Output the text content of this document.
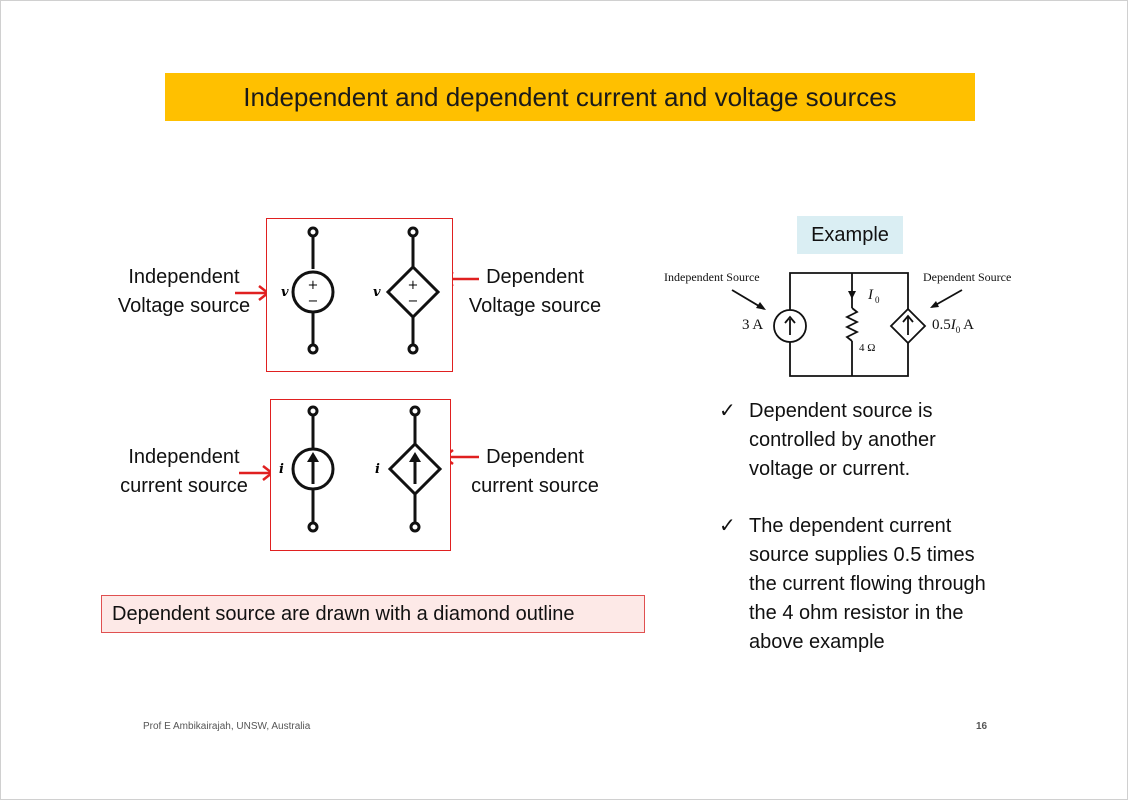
Independent and dependent current and voltage sources
Independent
Voltage source
Dependent
Voltage source
+
−
+
−
v	v
Independent
current source
Dependent
current source
i	i
Dependent source are drawn with a diamond outline
Example
Independent Source	Dependent Source
3 A
4 Ω
I 0
$0.5I_0$ A
✓ Dependent source is
controlled by another
voltage or current.
✓ The dependent current
source supplies 0.5 times
the current flowing through
the 4 ohm resistor in the
above example
Prof E Ambikairajah, UNSW, Australia	16
